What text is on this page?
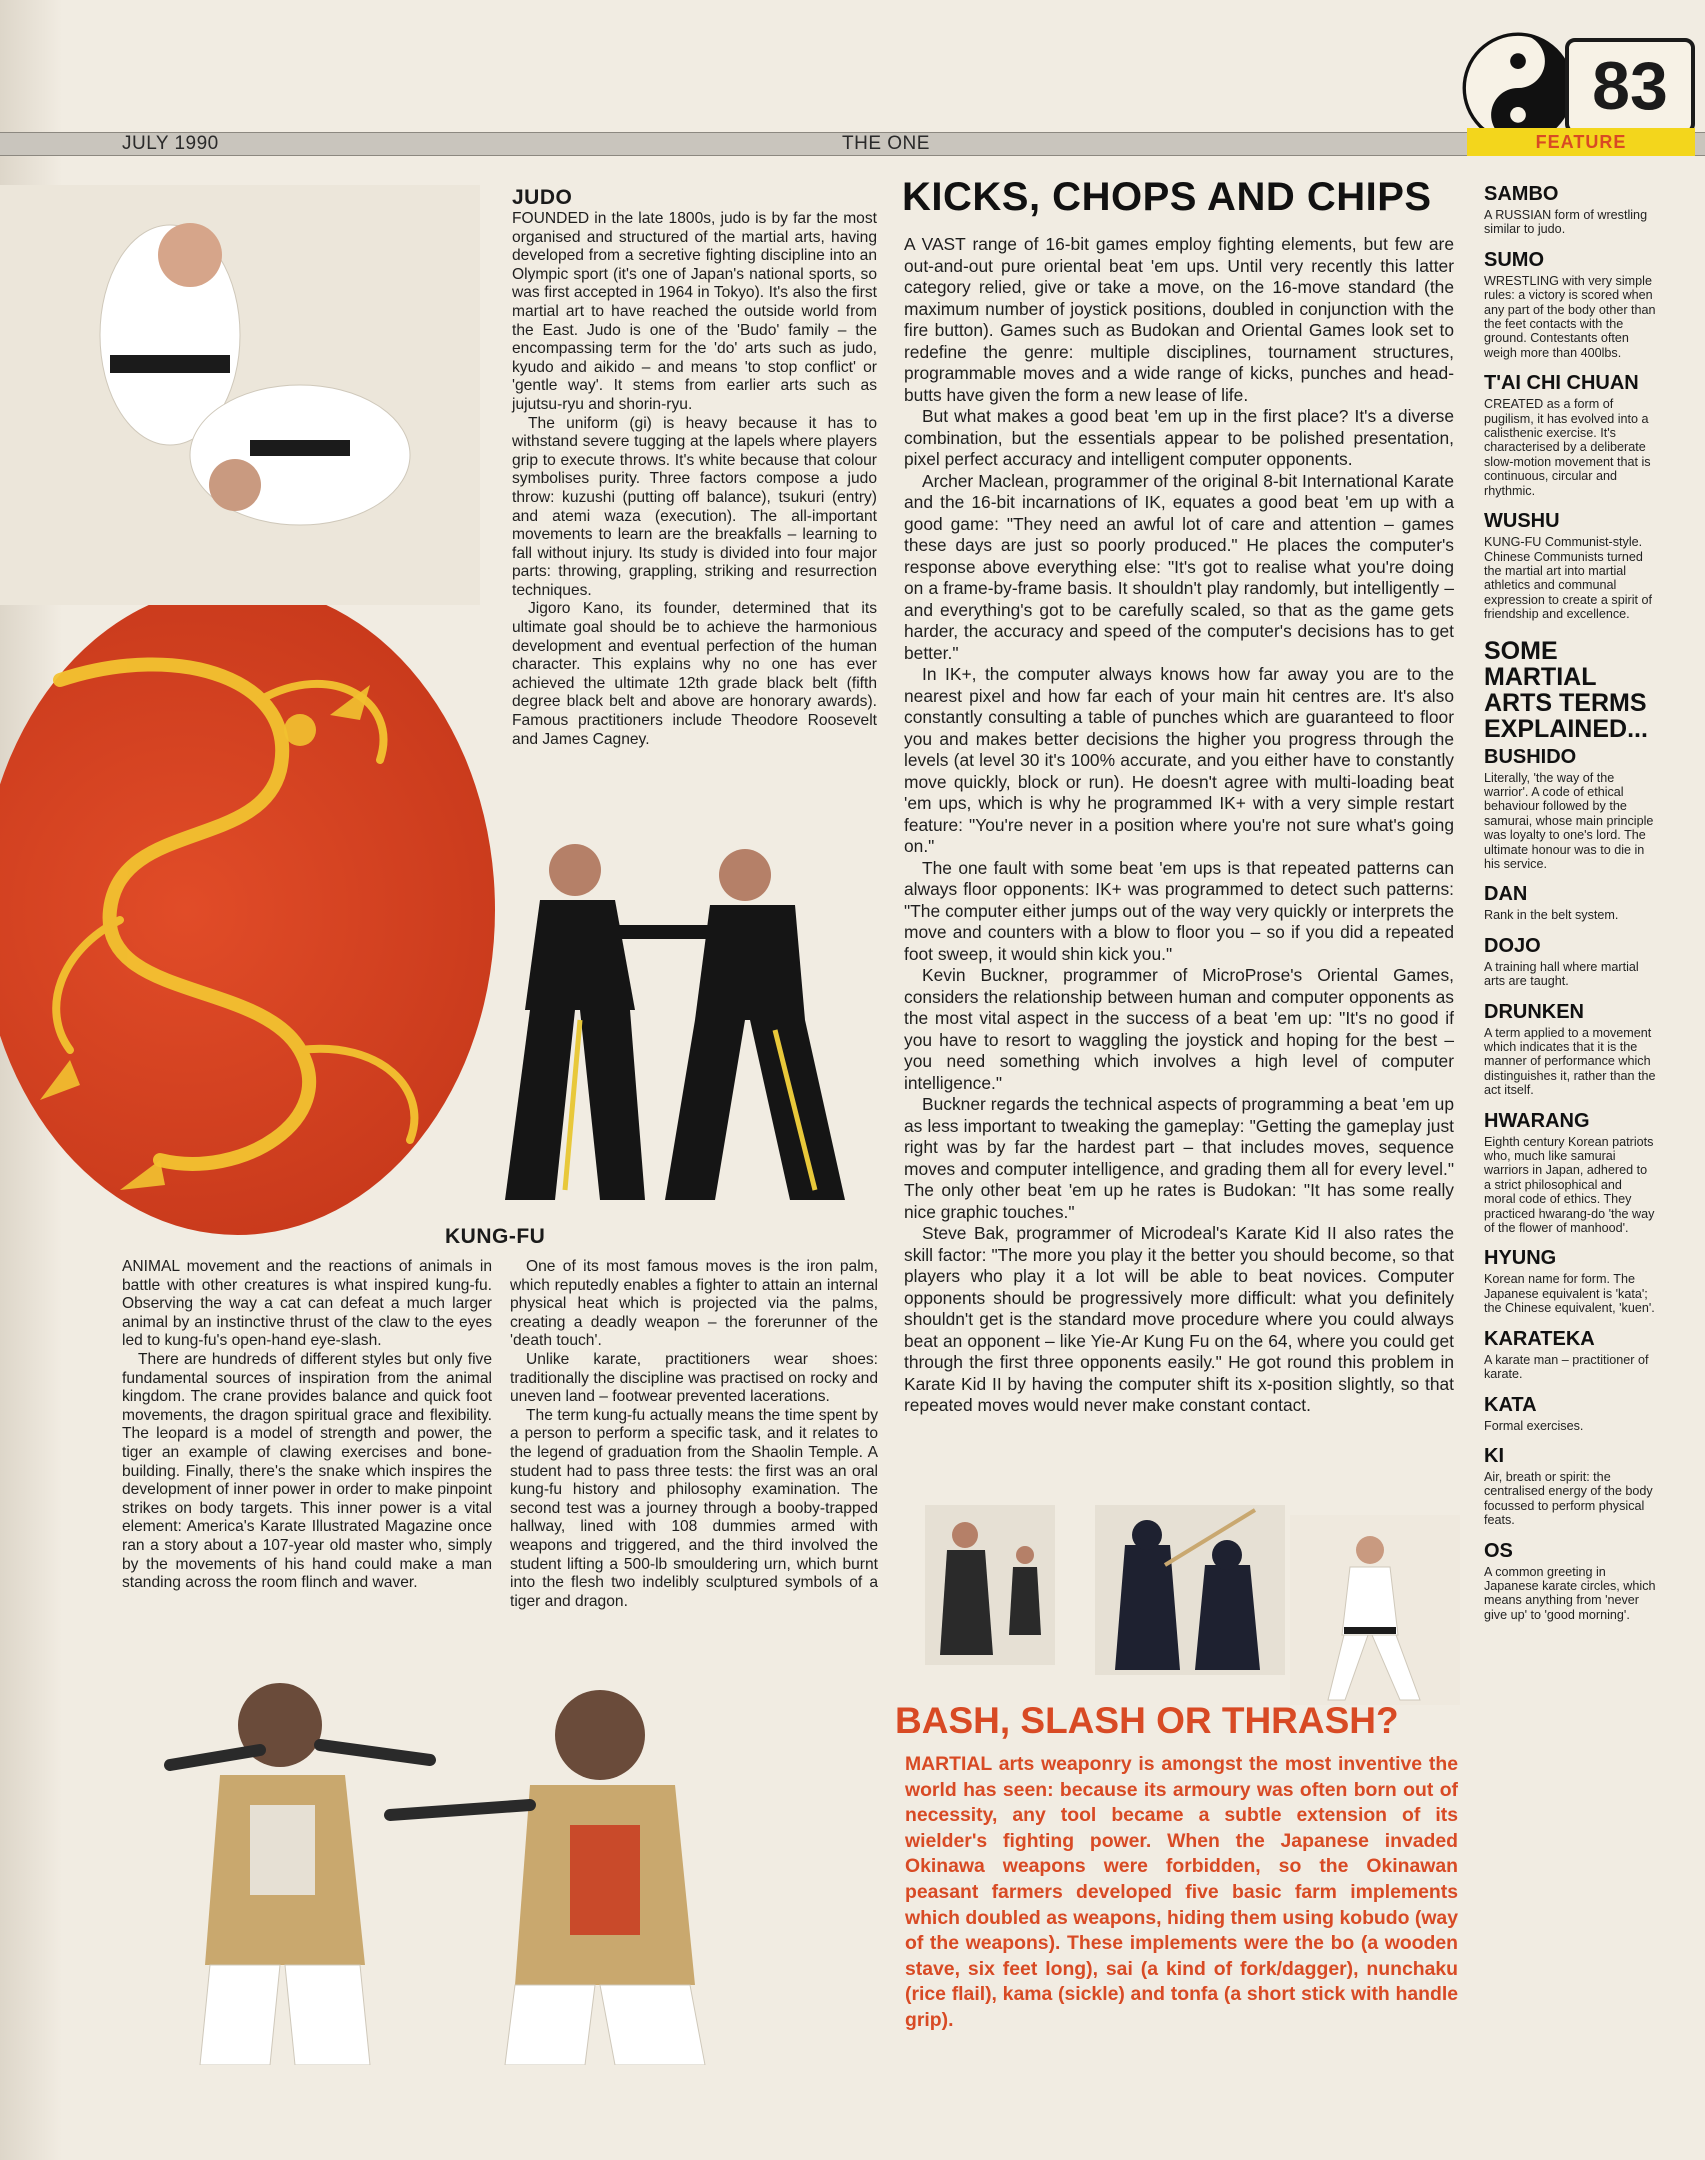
JULY 1990	THE ONE
83
FEATURE
JUDO

FOUNDED in the late 1800s, judo is by far the most organised and structured of the martial arts, having developed from a secretive fighting discipline into an Olympic sport (it's one of Japan's national sports, so was first accepted in 1964 in Tokyo). It's also the first martial art to have reached the outside world from the East. Judo is one of the 'Budo' family – the encompassing term for the 'do' arts such as judo, kyudo and aikido – and means 'to stop conflict' or 'gentle way'. It stems from earlier arts such as jujutsu-ryu and shorin-ryu.

The uniform (gi) is heavy because it has to withstand severe tugging at the lapels where players grip to execute throws. It's white because that colour symbolises purity. Three factors compose a judo throw: kuzushi (putting off balance), tsukuri (entry) and atemi waza (execution). The all-important movements to learn are the breakfalls – learning to fall without injury. Its study is divided into four major parts: throwing, grappling, striking and resurrection techniques.

Jigoro Kano, its founder, determined that its ultimate goal should be to achieve the harmonious development and eventual perfection of the human character. This explains why no one has ever achieved the ultimate 12th grade black belt (fifth degree black belt and above are honorary awards). Famous practitioners include Theodore Roosevelt and James Cagney.

KUNG-FU

ANIMAL movement and the reactions of animals in battle with other creatures is what inspired kung-fu. Observing the way a cat can defeat a much larger animal by an instinctive thrust of the claw to the eyes led to kung-fu's open-hand eye-slash.

There are hundreds of different styles but only five fundamental sources of inspiration from the animal kingdom. The crane provides balance and quick foot movements, the dragon spiritual grace and flexibility. The leopard is a model of strength and power, the tiger an example of clawing exercises and bone-building. Finally, there's the snake which inspires the development of inner power in order to make pinpoint strikes on body targets. This inner power is a vital element: America's Karate Illustrated Magazine once ran a story about a 107-year old master who, simply by the movements of his hand could make a man standing across the room flinch and waver.

One of its most famous moves is the iron palm, which reputedly enables a fighter to attain an internal physical heat which is projected via the palms, creating a deadly weapon – the forerunner of the 'death touch'.

Unlike karate, practitioners wear shoes: traditionally the discipline was practised on rocky and uneven land – footwear prevented lacerations.

The term kung-fu actually means the time spent by a person to perform a specific task, and it relates to the legend of graduation from the Shaolin Temple. A student had to pass three tests: the first was an oral kung-fu history and philosophy examination. The second test was a journey through a booby-trapped hallway, lined with 108 dummies armed with weapons and triggered, and the third involved the student lifting a 500-lb smouldering urn, which burnt into the flesh two indelibly sculptured symbols of a tiger and dragon.

KICKS, CHOPS AND CHIPS

A VAST range of 16-bit games employ fighting elements, but few are out-and-out pure oriental beat 'em ups. Until very recently this latter category relied, give or take a move, on the 16-move standard (the maximum number of joystick positions, doubled in conjunction with the fire button). Games such as Budokan and Oriental Games look set to redefine the genre: multiple disciplines, tournament structures, programmable moves and a wide range of kicks, punches and head-butts have given the form a new lease of life.

But what makes a good beat 'em up in the first place? It's a diverse combination, but the essentials appear to be polished presentation, pixel perfect accuracy and intelligent computer opponents.

Archer Maclean, programmer of the original 8-bit International Karate and the 16-bit incarnations of IK, equates a good beat 'em up with a good game: "They need an awful lot of care and attention – games these days are just so poorly produced." He places the computer's response above everything else: "It's got to realise what you're doing on a frame-by-frame basis. It shouldn't play randomly, but intelligently – and everything's got to be carefully scaled, so that as the game gets harder, the accuracy and speed of the computer's decisions has to get better."

In IK+, the computer always knows how far away you are to the nearest pixel and how far each of your main hit centres are. It's also constantly consulting a table of punches which are guaranteed to floor you and makes better decisions the higher you progress through the levels (at level 30 it's 100% accurate, and you either have to constantly move quickly, block or run). He doesn't agree with multi-loading beat 'em ups, which is why he programmed IK+ with a very simple restart feature: "You're never in a position where you're not sure what's going on."

The one fault with some beat 'em ups is that repeated patterns can always floor opponents: IK+ was programmed to detect such patterns: "The computer either jumps out of the way very quickly or interprets the move and counters with a blow to floor you – so if you did a repeated foot sweep, it would shin kick you."

Kevin Buckner, programmer of MicroProse's Oriental Games, considers the relationship between human and computer opponents as the most vital aspect in the success of a beat 'em up: "It's no good if you have to resort to waggling the joystick and hoping for the best – you need something which involves a high level of computer intelligence."

Buckner regards the technical aspects of programming a beat 'em up as less important to tweaking the gameplay: "Getting the gameplay just right was by far the hardest part – that includes moves, sequence moves and computer intelligence, and grading them all for every level." The only other beat 'em up he rates is Budokan: "It has some really nice graphic touches."

Steve Bak, programmer of Microdeal's Karate Kid II also rates the skill factor: "The more you play it the better you should become, so that players who play it a lot will be able to beat novices. Computer opponents should be progressively more difficult: what you definitely shouldn't get is the standard move procedure where you could always beat an opponent – like Yie-Ar Kung Fu on the 64, where you could get through the first three opponents easily." He got round this problem in Karate Kid II by having the computer shift its x-position slightly, so that repeated moves would never make constant contact.

BASH, SLASH OR THRASH?
MARTIAL arts weaponry is amongst the most inventive the world has seen: because its armoury was often born out of necessity, any tool became a subtle extension of its wielder's fighting power. When the Japanese invaded Okinawa weapons were forbidden, so the Okinawan peasant farmers developed five basic farm implements which doubled as weapons, hiding them using kobudo (way of the weapons). These implements were the bo (a wooden stave, six feet long), sai (a kind of fork/dagger), nunchaku (rice flail), kama (sickle) and tonfa (a short stick with handle grip).
SAMBO
A RUSSIAN form of wrestling similar to judo.
SUMO
WRESTLING with very simple rules: a victory is scored when any part of the body other than the feet contacts with the ground. Contestants often weigh more than 400lbs.
T'AI CHI CHUAN
CREATED as a form of pugilism, it has evolved into a calisthenic exercise. It's characterised by a deliberate slow-motion movement that is continuous, circular and rhythmic.
WUSHU
KUNG-FU Communist-style. Chinese Communists turned the martial art into martial athletics and communal expression to create a spirit of friendship and excellence.
SOME MARTIAL ARTS TERMS EXPLAINED...
BUSHIDO
Literally, 'the way of the warrior'. A code of ethical behaviour followed by the samurai, whose main principle was loyalty to one's lord. The ultimate honour was to die in his service.
DAN
Rank in the belt system.
DOJO
A training hall where martial arts are taught.
DRUNKEN
A term applied to a movement which indicates that it is the manner of performance which distinguishes it, rather than the act itself.
HWARANG
Eighth century Korean patriots who, much like samurai warriors in Japan, adhered to a strict philosophical and moral code of ethics. They practiced hwarang-do 'the way of the flower of manhood'.
HYUNG
Korean name for form. The Japanese equivalent is 'kata'; the Chinese equivalent, 'kuen'.
KARATEKA
A karate man – practitioner of karate.
KATA
Formal exercises.
KI
Air, breath or spirit: the centralised energy of the body focussed to perform physical feats.
OS
A common greeting in Japanese karate circles, which means anything from 'never give up' to 'good morning'.
